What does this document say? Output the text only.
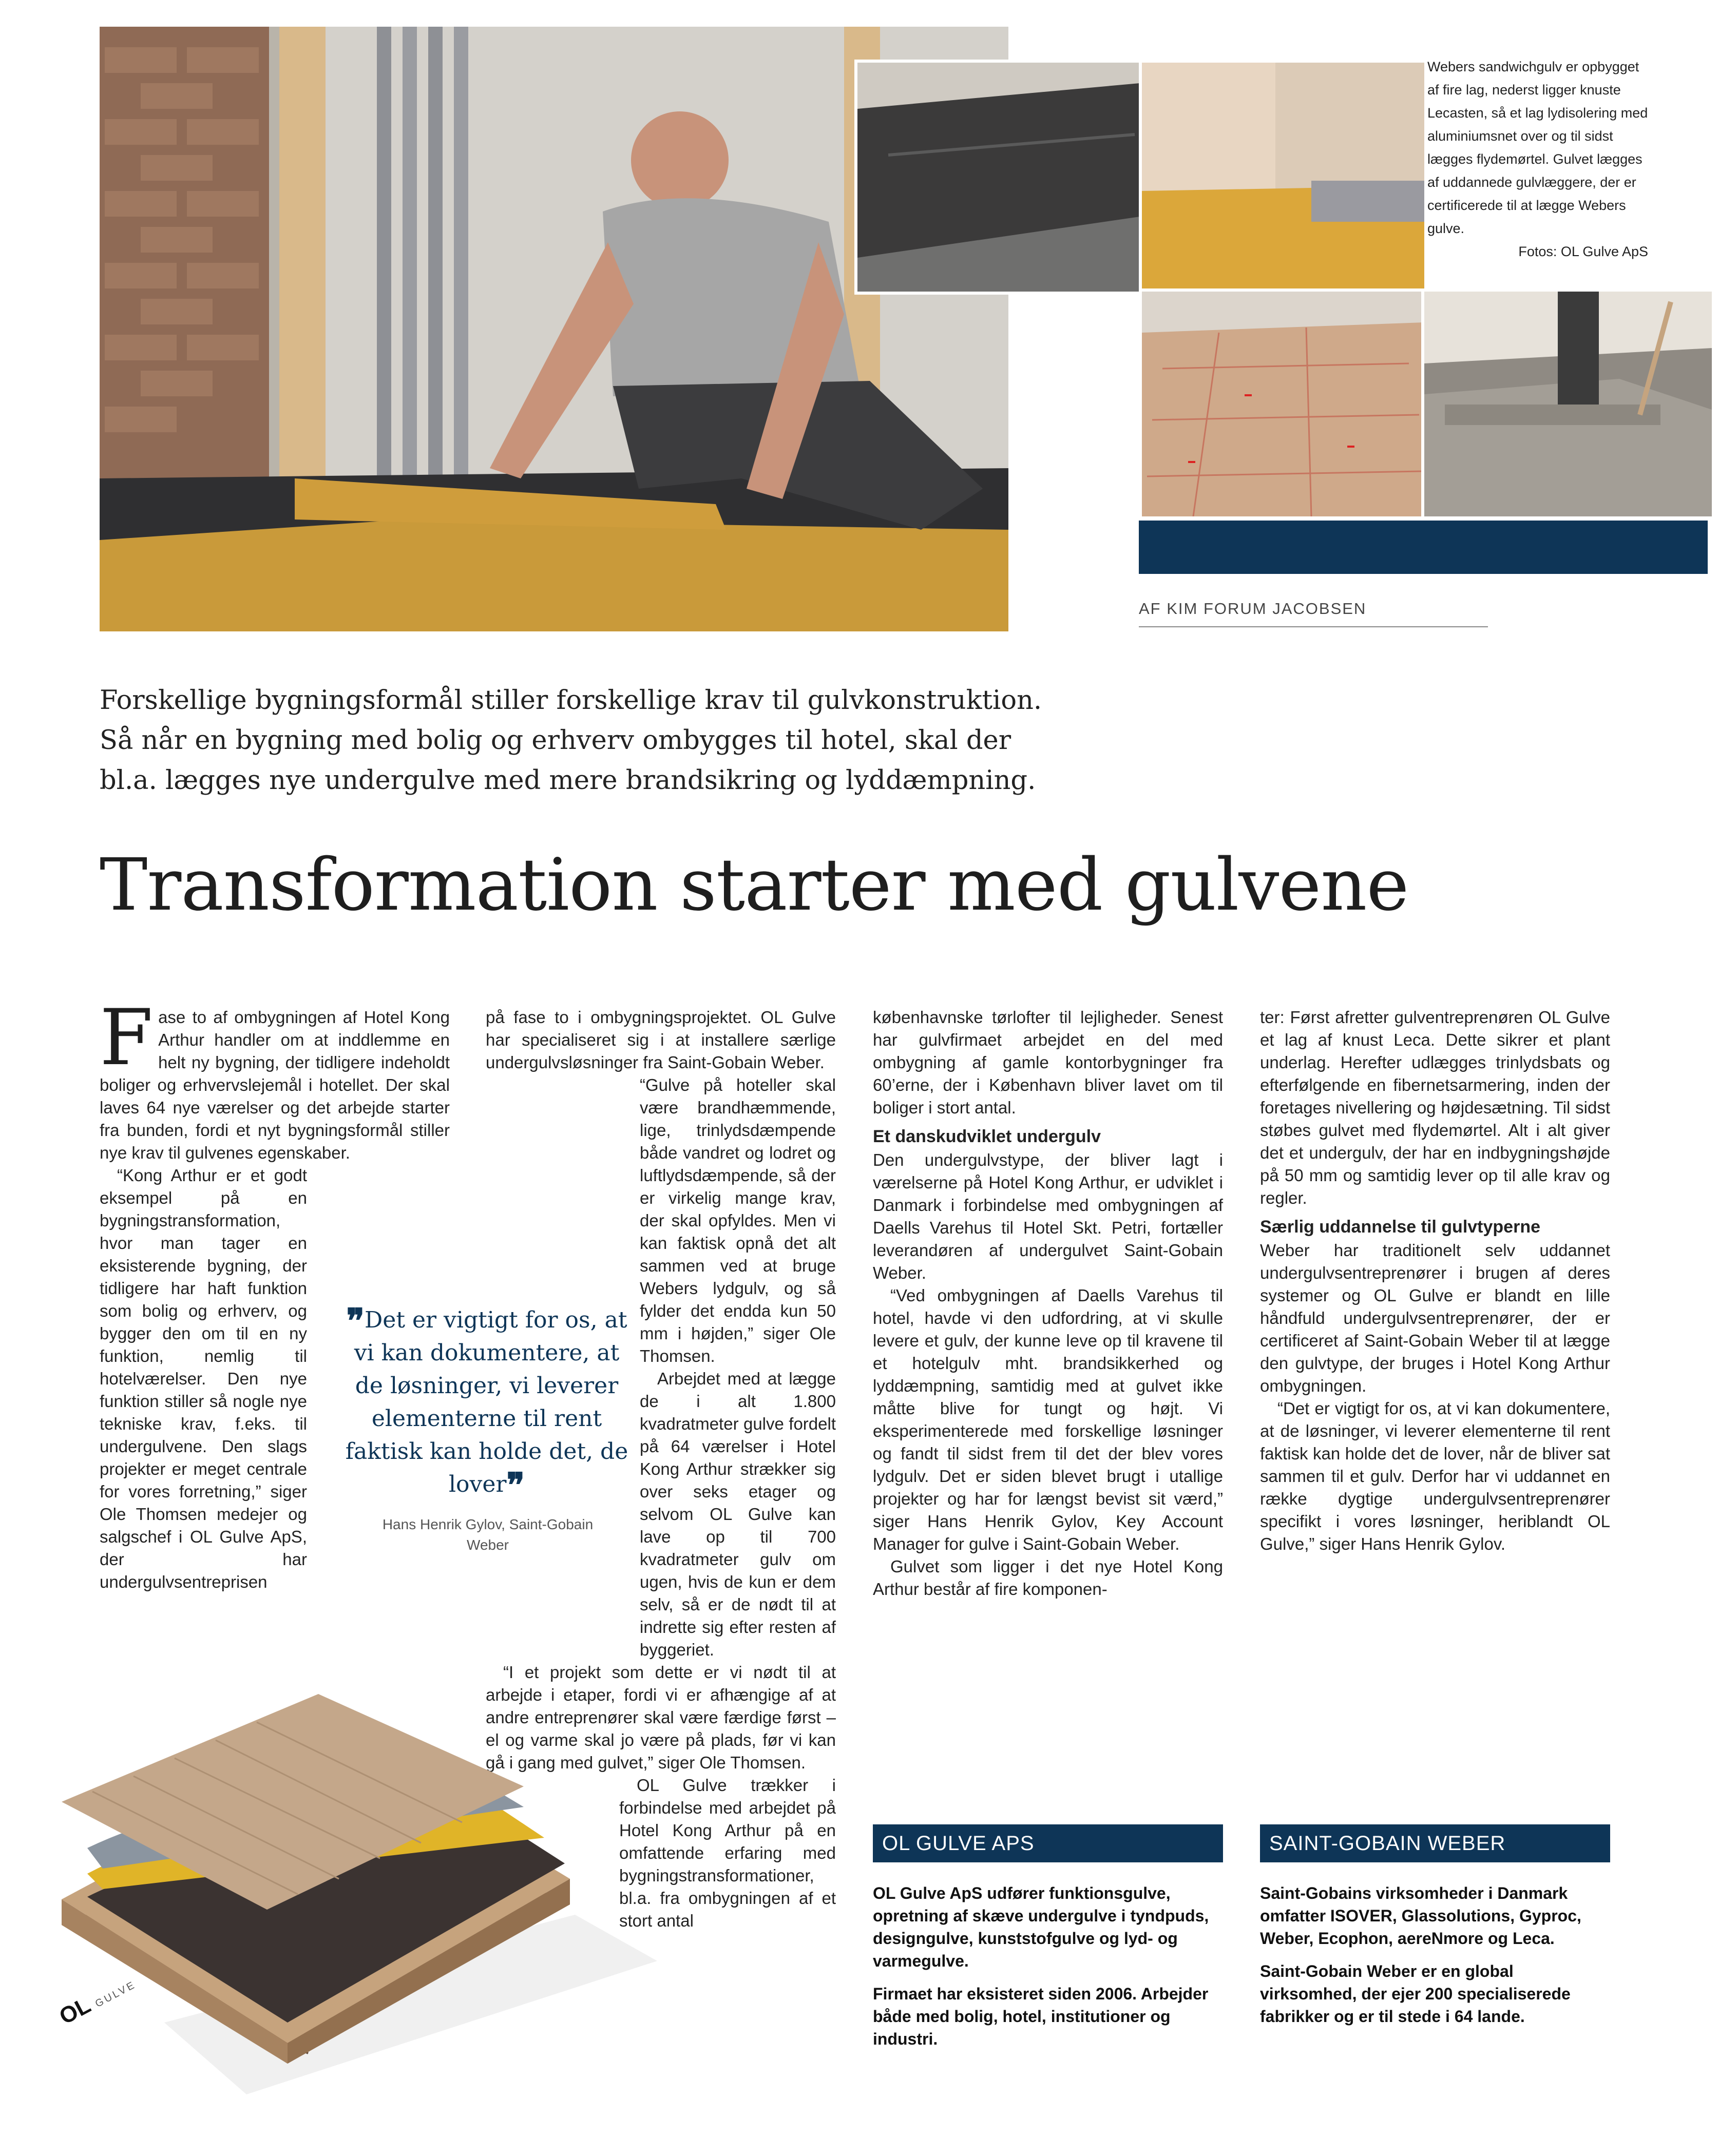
Webers sandwichgulv er opbygget af fire lag, nederst ligger knuste Lecasten, så et lag lydisolering med aluminiumsnet over og til sidst lægges flydemørtel. Gulvet lægges af uddannede gulvlæggere, der er certificerede til at lægge Webers gulve.
Fotos: OL Gulve ApS
AF KIM FORUM JACOBSEN
Forskellige bygningsformål stiller forskellige krav til gulvkonstruktion. Så når en bygning med bolig og erhverv ombygges til hotel, skal der bl.a. lægges nye undergulve med mere brandsikring og lyddæmpning.
Transformation starter med gulvene
F ase to af ombygningen af Hotel Kong Arthur handler om at inddlemme en helt ny bygning, der tidligere indeholdt boliger og erhvervslejemål i hotellet. Der skal laves 64 nye værelser og det arbejde starter fra bunden, fordi et nyt bygningsformål stiller nye krav til gulvenes egenskaber.

“Kong Arthur er et godt eksempel på en bygningstransformation, hvor man tager en eksisterende bygning, der tidligere har haft funktion som bolig og erhverv, og bygger den om til en ny funktion, nemlig til hotelværelser. Den nye funktion stiller så nogle nye tekniske krav, f.eks. til undergulvene. Den slags projekter er meget centrale for vores forretning,” siger Ole Thomsen medejer og salgschef i OL Gulve ApS, der har undergulvsentreprisen

på fase to i ombygningsprojektet. OL Gulve har specialiseret sig i at installere særlige undergulvsløsninger fra Saint-Gobain Weber.

“Gulve på hoteller skal være brandhæmmende, lige, trinlydsdæmpende både vandret og lodret og luftlydsdæmpende, så der er virkelig mange krav, der skal opfyldes. Men vi kan faktisk opnå det alt sammen ved at bruge Webers lydgulv, og så fylder det endda kun 50 mm i højden,” siger Ole Thomsen.

Arbejdet med at lægge de i alt 1.800 kvadratmeter gulve fordelt på 64 værelser i Hotel Kong Arthur strækker sig over seks etager og selvom OL Gulve kan lave op til 700 kvadratmeter gulv om ugen, hvis de kun er dem selv, så er de nødt til at indrette sig efter resten af byggeriet.

“I et projekt som dette er vi nødt til at arbejde i etaper, fordi vi er afhængige af at andre entreprenører skal være færdige først – el og varme skal jo være på plads, før vi kan gå i gang med gulvet,” siger Ole Thomsen.

OL Gulve trækker i forbindelse med arbejdet på Hotel Kong Arthur på en omfattende erfaring med bygningstransformationer, bl.a. fra ombygningen af et stort antal

❞Det er vigtigt for os, at vi kan dokumentere, at de løsninger, vi leverer elementerne til rent faktisk kan holde det, de lover❞
Hans Henrik Gylov, Saint-Gobain Weber

københavnske tørlofter til lejligheder. Senest har gulvfirmaet arbejdet en del med ombygning af gamle kontorbygninger fra 60’erne, der i København bliver lavet om til boliger i stort antal.

Et danskudviklet undergulv

Den undergulvstype, der bliver lagt i værelserne på Hotel Kong Arthur, er udviklet i Danmark i forbindelse med ombygningen af Daells Varehus til Hotel Skt. Petri, fortæller leverandøren af undergulvet Saint-Gobain Weber.

“Ved ombygningen af Daells Varehus til hotel, havde vi den udfordring, at vi skulle levere et gulv, der kunne leve op til kravene til et hotelgulv mht. brandsikkerhed og lyddæmpning, samtidig med at gulvet ikke måtte blive for tungt og højt. Vi eksperimenterede med forskellige løsninger og fandt til sidst frem til det der blev vores lydgulv. Det er siden blevet brugt i utallige projekter og har for længst bevist sit værd,” siger Hans Henrik Gylov, Key Account Manager for gulve i Saint-Gobain Weber.

Gulvet som ligger i det nye Hotel Kong Arthur består af fire komponen-

ter: Først afretter gulventreprenøren OL Gulve et lag af knust Leca. Dette sikrer et plant underlag. Herefter udlægges trinlydsbats og efterfølgende en fibernetsarmering, inden der foretages nivellering og højdesætning. Til sidst støbes gulvet med flydemørtel. Alt i alt giver det et undergulv, der har en indbygningshøjde på 50 mm og samtidig lever op til alle krav og regler.

Særlig uddannelse til gulvtyperne

Weber har traditionelt selv uddannet undergulvsentreprenører i brugen af deres systemer og OL Gulve er blandt en lille håndfuld undergulvsentreprenører, der er certificeret af Saint-Gobain Weber til at lægge den gulvtype, der bruges i Hotel Kong Arthur ombygningen.

“Det er vigtigt for os, at vi kan dokumentere, at de løsninger, vi leverer elementerne til rent faktisk kan holde det de lover, når de bliver sat sammen til et gulv. Derfor har vi uddannet en række dygtige undergulvsentreprenører specifikt i vores løsninger, heriblandt OL Gulve,” siger Hans Henrik Gylov.

OL GULVE APS

OL Gulve ApS udfører funktionsgulve, opretning af skæve undergulve i tyndpuds, designgulve, kunststofgulve og lyd- og varmegulve.

Firmaet har eksisteret siden 2006. Arbejder både med bolig, hotel, institutioner og industri.

SAINT-GOBAIN WEBER

Saint-Gobains virksomheder i Danmark omfatter ISOVER, Glassolutions, Gyproc, Weber, Ecophon, aereNmore og Leca.

Saint-Gobain Weber er en global virksomhed, der ejer 200 specialiserede fabrikker og er til stede i 64 lande.

OL GULVE
